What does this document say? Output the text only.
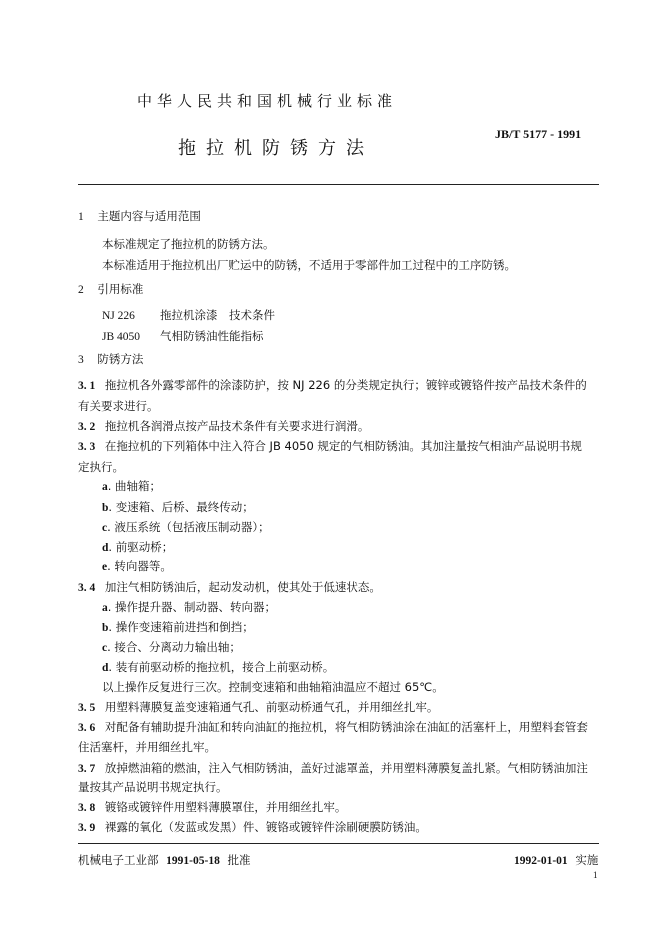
中华人民共和国机械行业标准
拖拉机防锈方法
JB/T 5177 - 1991
1 主题内容与适用范围
本标准规定了拖拉机的防锈方法。
本标准适用于拖拉机出厂贮运中的防锈，不适用于零部件加工过程中的工序防锈。
2 引用标准
NJ 226 拖拉机涂漆　技术条件
JB 4050 气相防锈油性能指标
3 防锈方法
3. 1 拖拉机各外露零部件的涂漆防护，按 NJ 226 的分类规定执行；镀锌或镀铬件按产品技术条件的
有关要求进行。
3. 2 拖拉机各润滑点按产品技术条件有关要求进行润滑。
3. 3 在拖拉机的下列箱体中注入符合 JB 4050 规定的气相防锈油。其加注量按气相油产品说明书规
定执行。
a. 曲轴箱；
b. 变速箱、后桥、最终传动；
c. 液压系统（包括液压制动器）；
d. 前驱动桥；
e. 转向器等。
3. 4 加注气相防锈油后，起动发动机，使其处于低速状态。
a. 操作提升器、制动器、转向器；
b. 操作变速箱前进挡和倒挡；
c. 接合、分离动力输出轴；
d. 装有前驱动桥的拖拉机，接合上前驱动桥。
以上操作反复进行三次。控制变速箱和曲轴箱油温应不超过 65℃。
3. 5 用塑料薄膜复盖变速箱通气孔、前驱动桥通气孔，并用细丝扎牢。
3. 6 对配备有辅助提升油缸和转向油缸的拖拉机，将气相防锈油涂在油缸的活塞杆上，用塑料套管套
住活塞杆，并用细丝扎牢。
3. 7 放掉燃油箱的燃油，注入气相防锈油，盖好过滤罩盖，并用塑料薄膜复盖扎紧。气相防锈油加注
量按其产品说明书规定执行。
3. 8 镀铬或镀锌件用塑料薄膜罩住，并用细丝扎牢。
3. 9 裸露的氧化（发蓝或发黑）件、镀铬或镀锌件涂刷硬膜防锈油。
机械电子工业部 1991-05-18 批准	1992-01-01 实施
1
